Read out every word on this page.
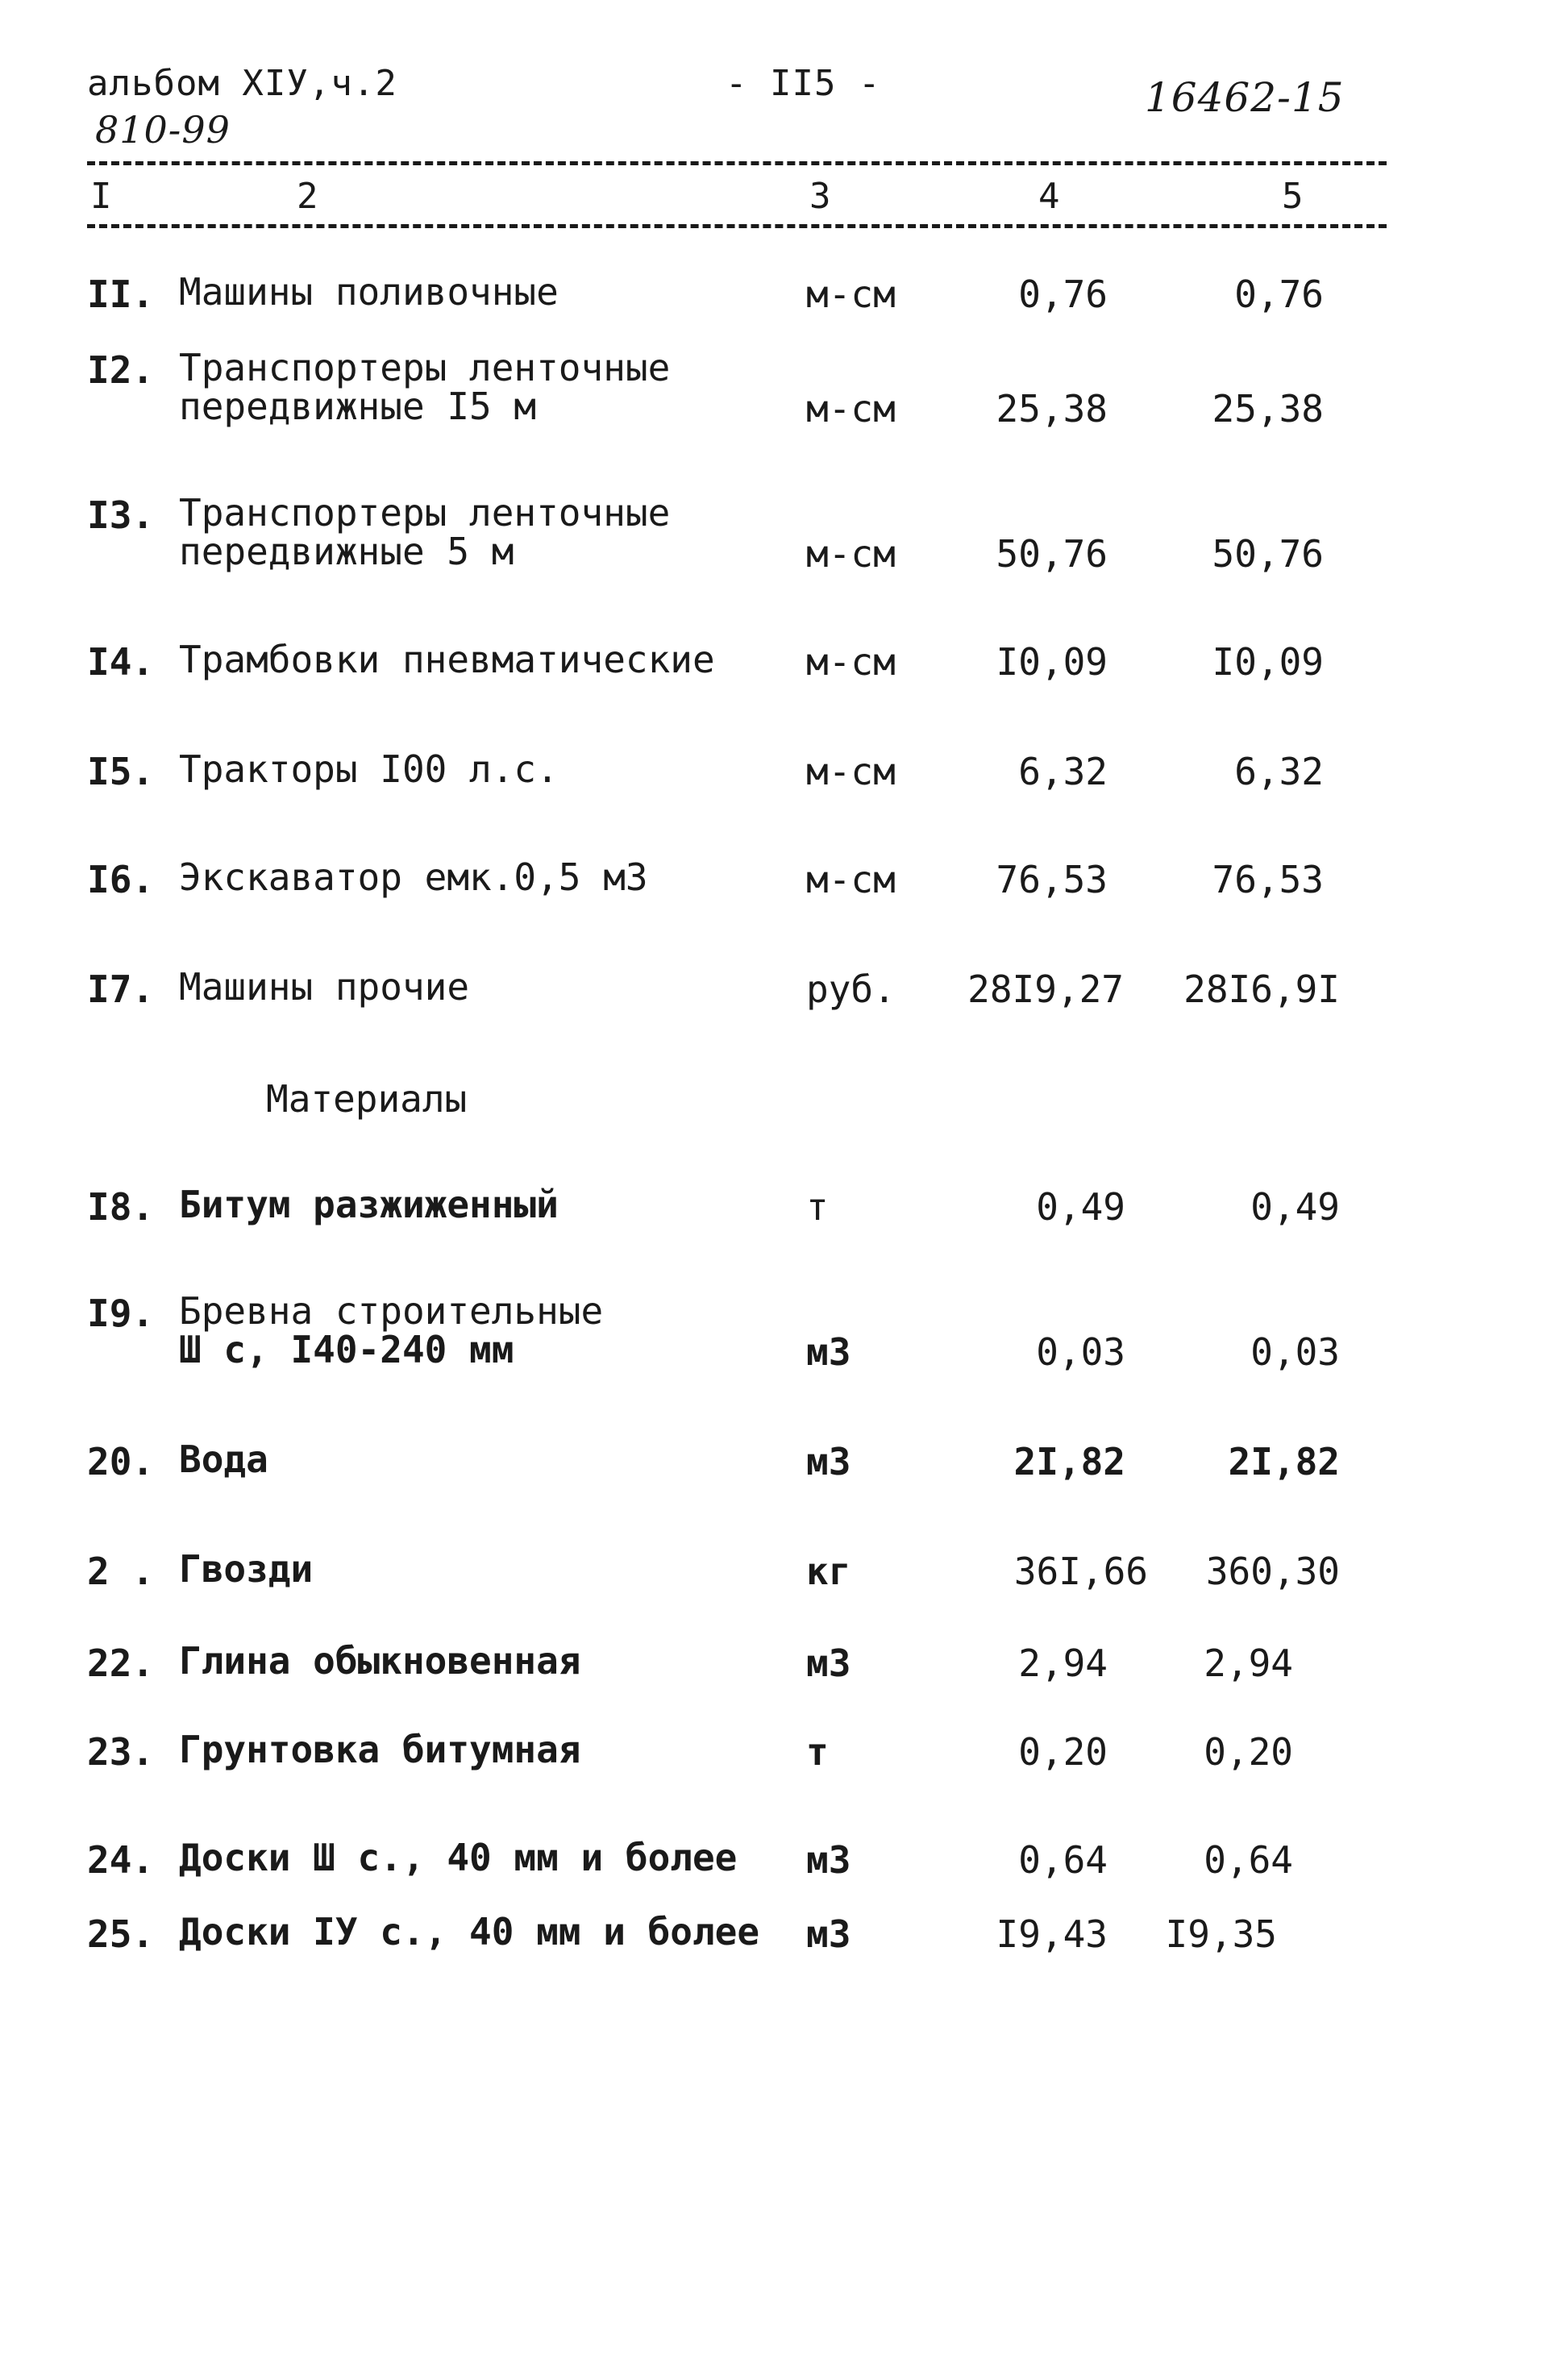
альбом ХIУ,ч.2
810-99
- II5 -	16462-15
I	2	3	4	5
II. Машины поливочные	м-см	0,76	0,76
I2. Транспортеры ленточные
передвижные I5 м	м-см	25,38	25,38
I3. Транспортеры ленточные
передвижные 5 м	м-см	50,76	50,76
I4. Трамбовки пневматические м-см	I0,09	I0,09
I5. Тракторы I00 л.с.	м-см	6,32	6,32
I6. Экскаватор емк.0,5 м3	м-см	76,53	76,53
I7. Машины прочие	руб. 28I9,27 28I6,9I
Материалы
I8. Битум разжиженный	т	0,49	0,49
I9. Бревна строительные
Ш с, I40-240 мм	м3	0,03	0,03
20. Вода	м3	2I,82	2I,82
2 . Гвозди	кг	36I,66 360,30
22. Глина обыкновенная	м3	2,94	2,94
23. Грунтовка битумная	т	0,20	0,20
24. Доски Ш с., 40 мм и более м3	0,64	0,64
25. Доски IУ с., 40 мм и более м3	I9,43 I9,35
